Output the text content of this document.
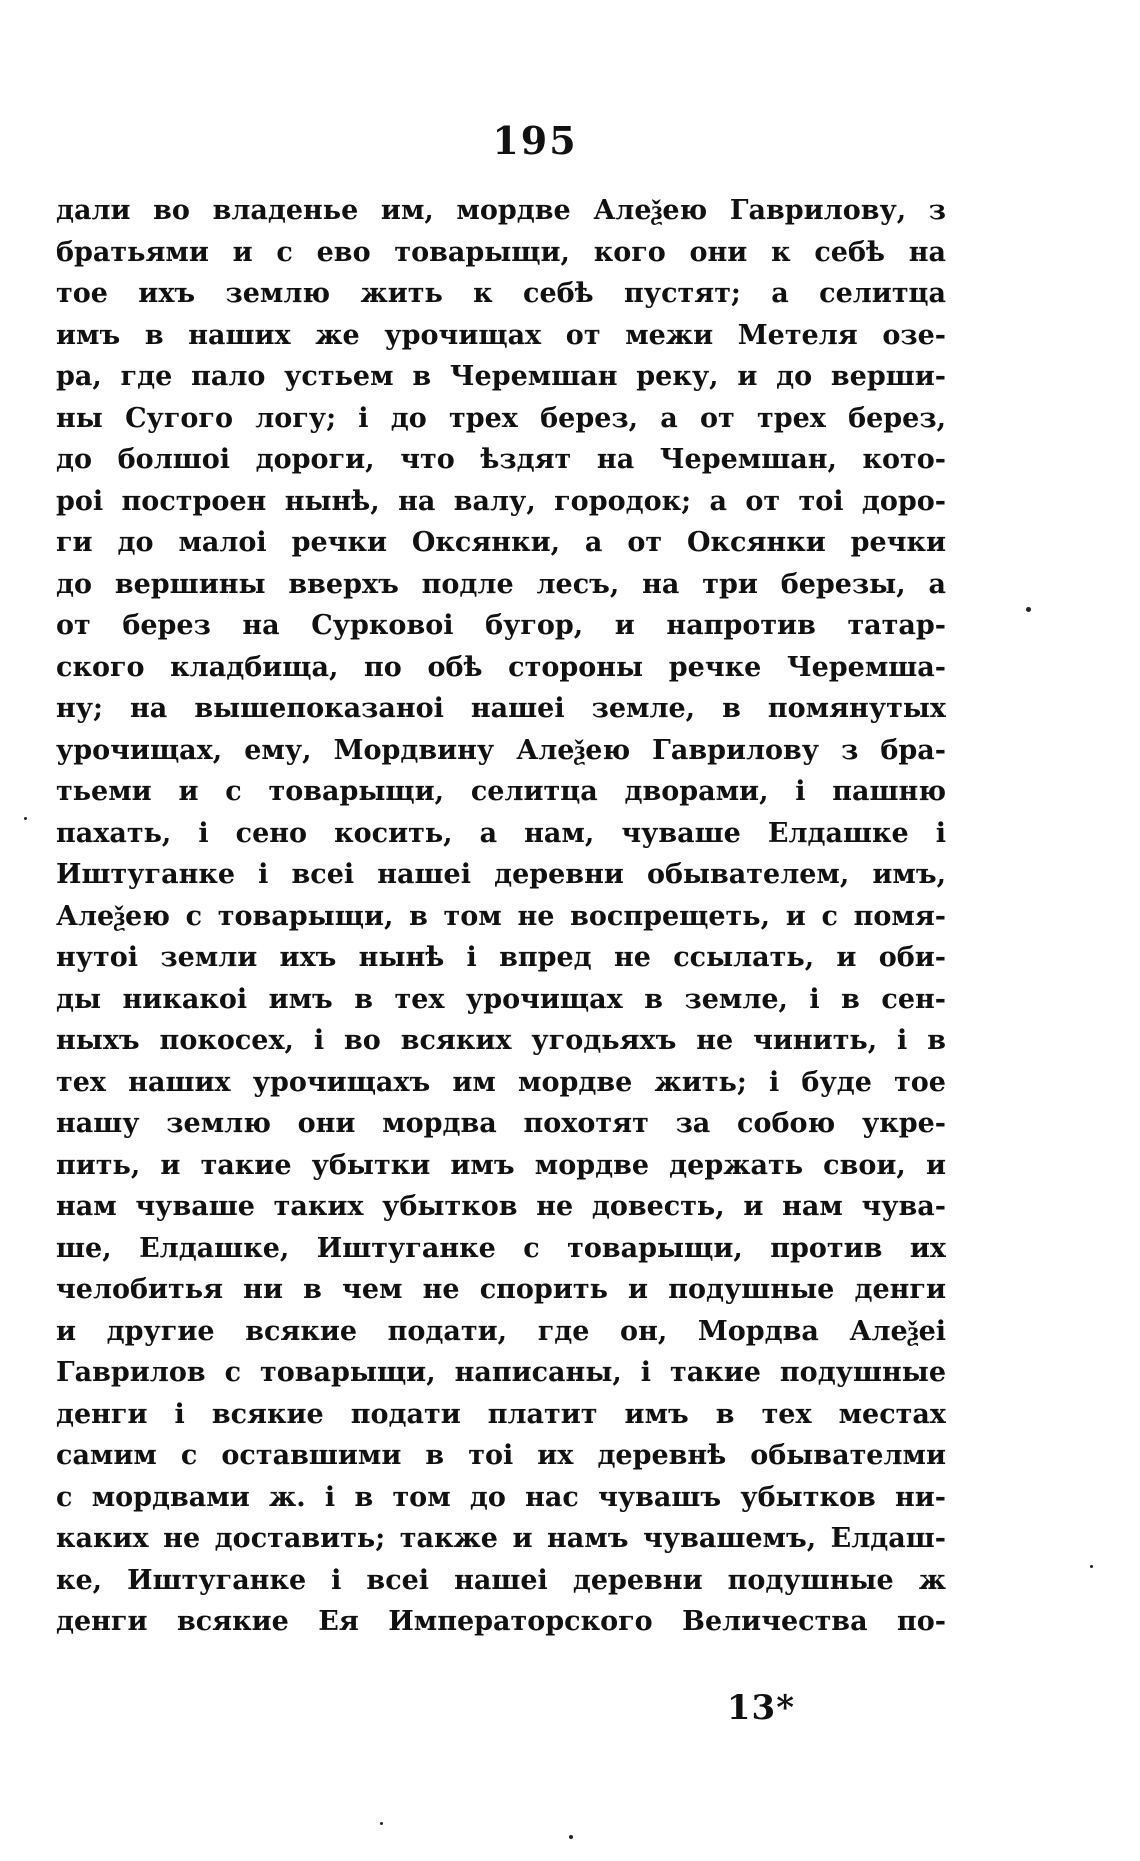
195
дали во владенье им, мордве Алеѯею Гаврилову, з
братьями и с ево товарыщи, кого они к себѣ на
тое ихъ землю жить к себѣ пустят; а селитца
имъ в наших же урочищах от межи Метеля озе-
ра, где пало устьем в Черемшан реку, и до верши-
ны Сугого логу; і до трех берез, а от трех берез,
до болшоі дороги, что ѣздят на Черемшан, кото-
роі построен нынѣ, на валу, городок; а от тоі доро-
ги до малоі речки Оксянки, а от Оксянки речки
до вершины вверхъ подле лесъ, на три березы, а
от берез на Сурковоі бугор, и напротив татар-
ского кладбища, по обѣ стороны речке Черемша-
ну; на вышепоказаноі нашеі земле, в помянутых
урочищах, ему, Мордвину Алеѯею Гаврилову з бра-
тьеми и с товарыщи, селитца дворами, і пашню
пахать, і сено косить, а нам, чуваше Елдашке і
Иштуганке і всеі нашеі деревни обывателем, имъ,
Алеѯею с товарыщи, в том не воспрещеть, и с помя-
нутоі земли ихъ нынѣ і впред не ссылать, и оби-
ды никакоі имъ в тех урочищах в земле, і в сен-
ныхъ покосех, і во всяких угодьяхъ не чинить, і в
тех наших урочищахъ им мордве жить; і буде тое
нашу землю они мордва похотят за собою укре-
пить, и такие убытки имъ мордве держать свои, и
нам чуваше таких убытков не довесть, и нам чува-
ше, Елдашке, Иштуганке с товарыщи, против их
челобитья ни в чем не спорить и подушные денги
и другие всякие подати, где он, Мордва Алеѯеі
Гаврилов с товарыщи, написаны, і такие подушные
денги і всякие подати платит имъ в тех местах
самим с оставшими в тоі их деревнѣ обывателми
с мордвами ж. і в том до нас чувашъ убытков ни-
каких не доставить; также и намъ чувашемъ, Елдаш-
ке, Иштуганке і всеі нашеі деревни подушные ж
денги всякие Ея Императорского Величества по-
13*
